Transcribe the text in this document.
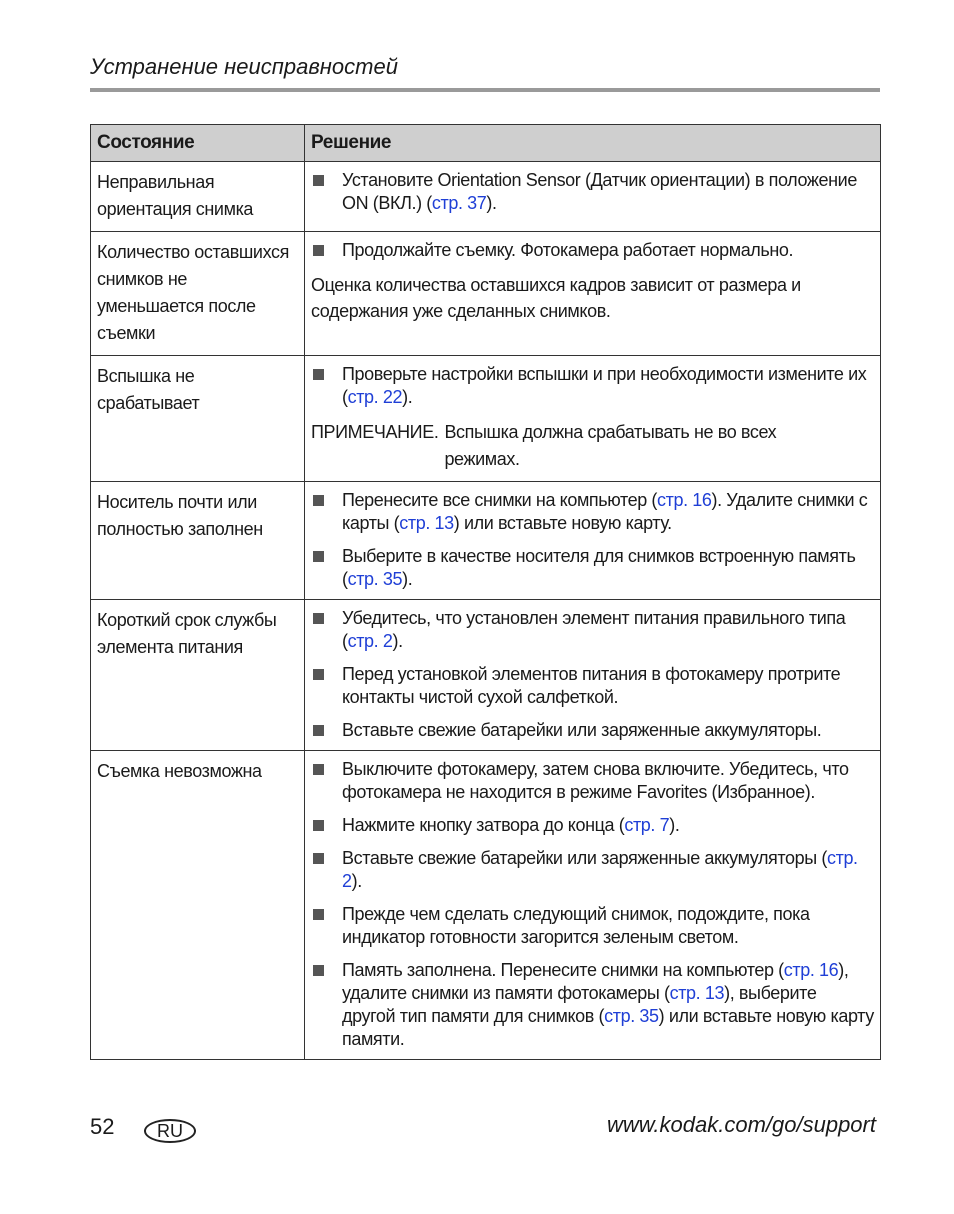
Устранение неисправностей
Состояние	Решение
Неправильная ориентация снимка	Установите Orientation Sensor (Датчик ориентации) в положение ON (ВКЛ.) (стр. 37).

Количество оставшихся снимков не уменьшается после съемки	Продолжайте съемку. Фотокамера работает нормально.
Оценка количества оставшихся кадров зависит от размера и содержания уже сделанных снимков.

Вспышка не срабатывает	Проверьте настройки вспышки и при необходимости измените их (стр. 22).
ПРИМЕЧАНИЕ. Вспышка должна срабатывать не во всех режимах.

Носитель почти или полностью заполнен	Перенесите все снимки на компьютер (стр. 16). Удалите снимки с карты (стр. 13) или вставьте новую карту.
Выберите в качестве носителя для снимков встроенную память (стр. 35).

Короткий срок службы элемента питания	Убедитесь, что установлен элемент питания правильного типа (стр. 2).
Перед установкой элементов питания в фотокамеру протрите контакты чистой сухой салфеткой.
Вставьте свежие батарейки или заряженные аккумуляторы.

Съемка невозможна	Выключите фотокамеру, затем снова включите. Убедитесь, что фотокамера не находится в режиме Favorites (Избранное).
Нажмите кнопку затвора до конца (стр. 7).
Вставьте свежие батарейки или заряженные аккумуляторы (стр. 2).
Прежде чем сделать следующий снимок, подождите, пока индикатор готовности загорится зеленым светом.
Память заполнена. Перенесите снимки на компьютер (стр. 16), удалите снимки из памяти фотокамеры (стр. 13), выберите другой тип памяти для снимков (стр. 35) или вставьте новую карту памяти.
52	RU	www.kodak.com/go/support
